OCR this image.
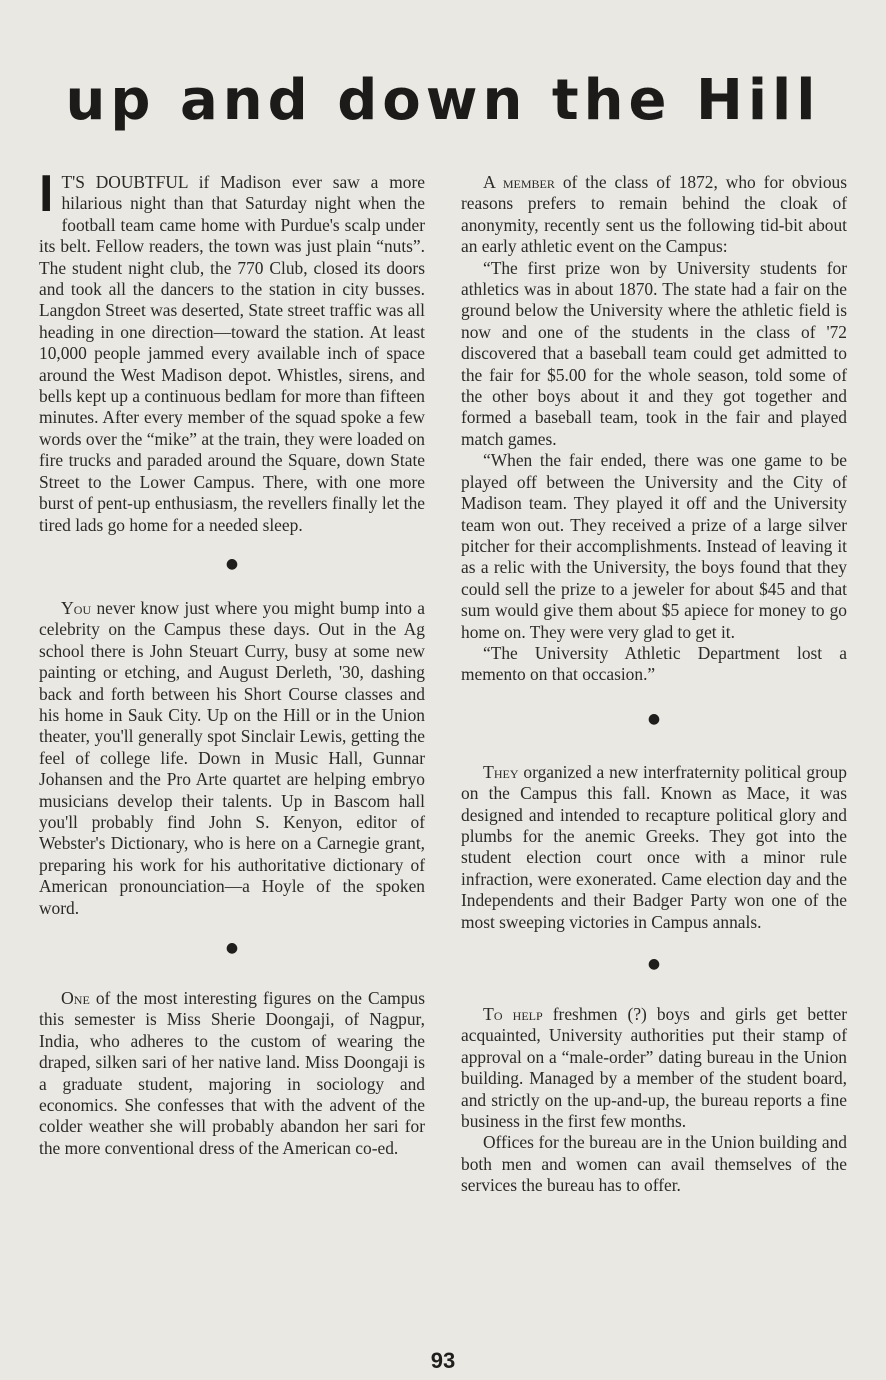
up and down the Hill

I T'S DOUBTFUL if Madison ever saw a more hilarious night than that Saturday night when the football team came home with Purdue's scalp under its belt. Fellow readers, the town was just plain “nuts”. The student night club, the 770 Club, closed its doors and took all the dancers to the station in city busses. Langdon Street was deserted, State street traffic was all heading in one direction—toward the station. At least 10,000 people jammed every available inch of space around the West Madison depot. Whistles, sirens, and bells kept up a continuous bedlam for more than fifteen minutes. After every member of the squad spoke a few words over the “mike” at the train, they were loaded on fire trucks and paraded around the Square, down State Street to the Lower Campus. There, with one more burst of pent-up enthusiasm, the revellers finally let the tired lads go home for a needed sleep.

●

You never know just where you might bump into a celebrity on the Campus these days. Out in the Ag school there is John Steuart Curry, busy at some new painting or etching, and August Derleth, '30, dashing back and forth between his Short Course classes and his home in Sauk City. Up on the Hill or in the Union theater, you'll generally spot Sinclair Lewis, getting the feel of college life. Down in Music Hall, Gunnar Johansen and the Pro Arte quartet are helping embryo musicians develop their talents. Up in Bascom hall you'll probably find John S. Kenyon, editor of Webster's Dictionary, who is here on a Carnegie grant, preparing his work for his authoritative dictionary of American pronounciation—a Hoyle of the spoken word.

●

One of the most interesting figures on the Campus this semester is Miss Sherie Doongaji, of Nagpur, India, who adheres to the custom of wearing the draped, silken sari of her native land. Miss Doongaji is a graduate student, majoring in sociology and economics. She confesses that with the advent of the colder weather she will probably abandon her sari for the more conventional dress of the American co-ed.

A member of the class of 1872, who for obvious reasons prefers to remain behind the cloak of anonymity, recently sent us the following tid-bit about an early athletic event on the Campus:

“The first prize won by University students for athletics was in about 1870. The state had a fair on the ground below the University where the athletic field is now and one of the students in the class of '72 discovered that a baseball team could get admitted to the fair for $5.00 for the whole season, told some of the other boys about it and they got together and formed a baseball team, took in the fair and played match games.

“When the fair ended, there was one game to be played off between the University and the City of Madison team. They played it off and the University team won out. They received a prize of a large silver pitcher for their accomplishments. Instead of leaving it as a relic with the University, the boys found that they could sell the prize to a jeweler for about $45 and that sum would give them about $5 apiece for money to go home on. They were very glad to get it.

“The University Athletic Department lost a memento on that occasion.”

●

They organized a new interfraternity political group on the Campus this fall. Known as Mace, it was designed and intended to recapture political glory and plumbs for the anemic Greeks. They got into the student election court once with a minor rule infraction, were exonerated. Came election day and the Independents and their Badger Party won one of the most sweeping victories in Campus annals.

●

To help freshmen (?) boys and girls get better acquainted, University authorities put their stamp of approval on a “male-order” dating bureau in the Union building. Managed by a member of the student board, and strictly on the up-and-up, the bureau reports a fine business in the first few months.

Offices for the bureau are in the Union building and both men and women can avail themselves of the services the bureau has to offer.

93
